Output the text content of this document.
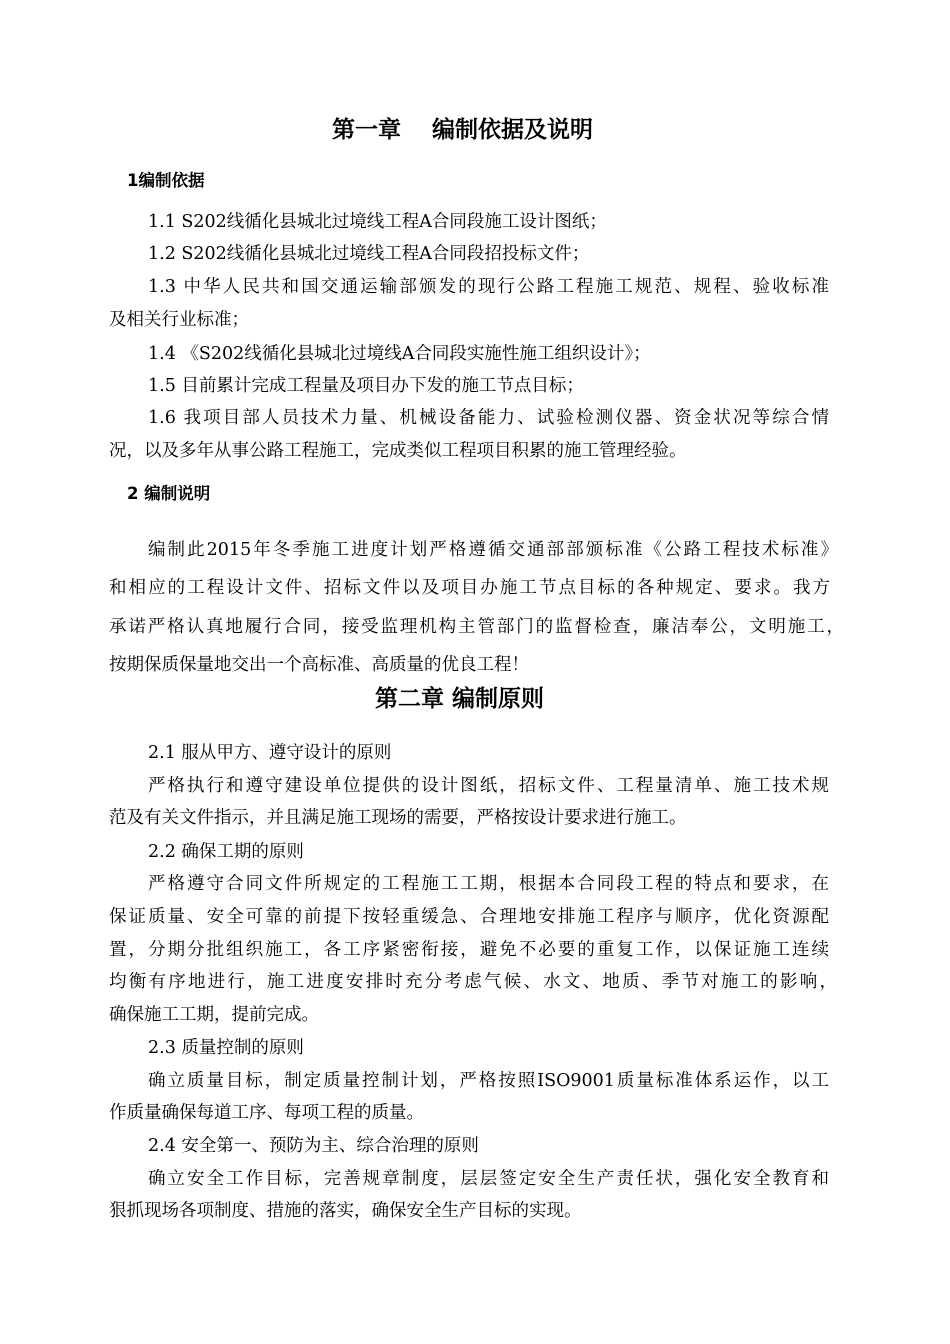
第一章　 编制依据及说明
1编制依据
1.1 S202线循化县城北过境线工程A合同段施工设计图纸；
1.2 S202线循化县城北过境线工程A合同段招投标文件；
1.3 中华人民共和国交通运输部颁发的现行公路工程施工规范、规程、验收标准
及相关行业标准；
1.4 《S202线循化县城北过境线A合同段实施性施工组织设计》；
1.5 目前累计完成工程量及项目办下发的施工节点目标；
1.6 我项目部人员技术力量、机械设备能力、试验检测仪器、资金状况等综合情
况，以及多年从事公路工程施工，完成类似工程项目积累的施工管理经验。
2 编制说明
编制此2015年冬季施工进度计划严格遵循交通部部颁标准《公路工程技术标准》
和相应的工程设计文件、招标文件以及项目办施工节点目标的各种规定、要求。我方
承诺严格认真地履行合同，接受监理机构主管部门的监督检查，廉洁奉公，文明施工，
按期保质保量地交出一个高标准、高质量的优良工程！
第二章 编制原则
2.1 服从甲方、遵守设计的原则
严格执行和遵守建设单位提供的设计图纸，招标文件、工程量清单、施工技术规
范及有关文件指示，并且满足施工现场的需要，严格按设计要求进行施工。
2.2 确保工期的原则
严格遵守合同文件所规定的工程施工工期，根据本合同段工程的特点和要求，在
保证质量、安全可靠的前提下按轻重缓急、合理地安排施工程序与顺序，优化资源配
置，分期分批组织施工，各工序紧密衔接，避免不必要的重复工作，以保证施工连续
均衡有序地进行，施工进度安排时充分考虑气候、水文、地质、季节对施工的影响，
确保施工工期，提前完成。
2.3 质量控制的原则
确立质量目标，制定质量控制计划，严格按照ISO9001质量标准体系运作，以工
作质量确保每道工序、每项工程的质量。
2.4 安全第一、预防为主、综合治理的原则
确立安全工作目标，完善规章制度，层层签定安全生产责任状，强化安全教育和
狠抓现场各项制度、措施的落实，确保安全生产目标的实现。
